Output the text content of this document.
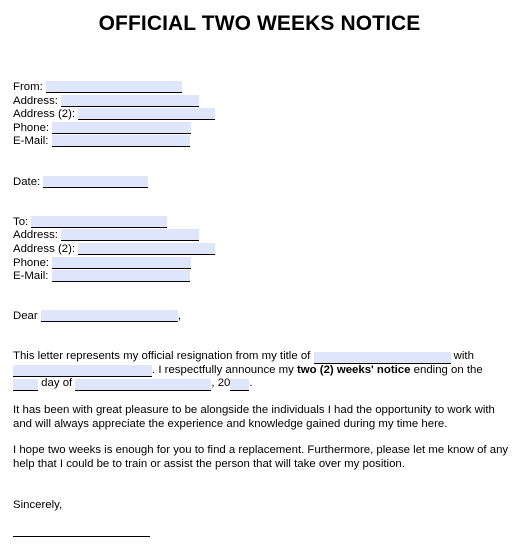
OFFICIAL TWO WEEKS NOTICE
From:
Address:
Address (2):
Phone:
E-Mail:
Date:
To:
Address:
Address (2):
Phone:
E-Mail:
Dear	,
This letter represents my official resignation from my title of	with
. I respectfully announce my two (2) weeks' notice ending on the
day of	, 20 .
It has been with great pleasure to be alongside the individuals I had the opportunity to work with and will always appreciate the experience and knowledge gained during my time here.
I hope two weeks is enough for you to find a replacement. Furthermore, please let me know of any help that I could be to train or assist the person that will take over my position.
Sincerely,
